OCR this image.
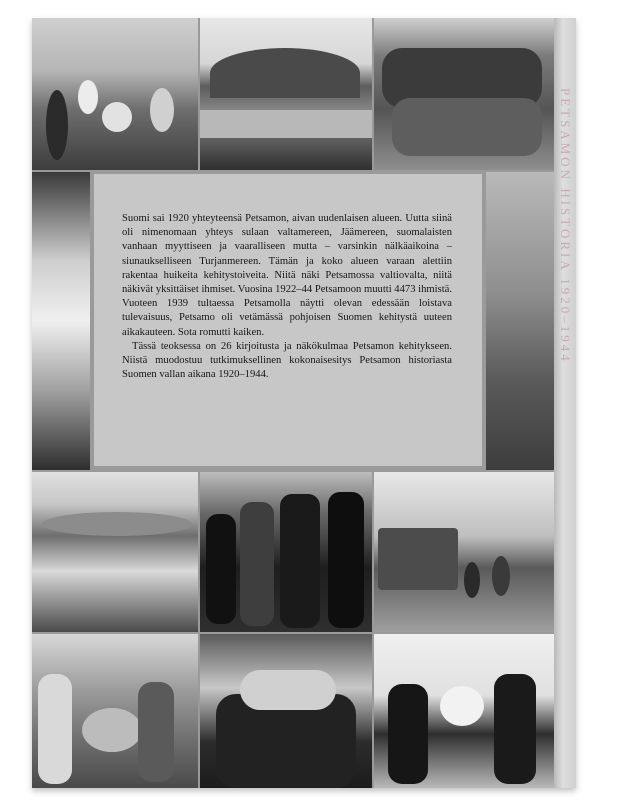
Suomi sai 1920 yhteyteensä Petsamon, aivan uudenlaisen alueen. Uutta siinä oli nimenomaan yhteys sulaan valtamereen, Jäämereen, suomalaisten vanhaan myyttiseen ja vaaralliseen mutta – varsinkin nälkäaikoina – siunaukselliseen Turjanmereen. Tämän ja koko alueen varaan alettiin rakentaa huikeita kehitystoiveita. Niitä näki Petsamossa valtiovalta, niitä näkivät yksittäiset ihmiset. Vuosina 1922–44 Petsamoon muutti 4473 ihmistä. Vuoteen 1939 tultaessa Petsamolla näytti olevan edessään loistava tulevaisuus, Petsamo oli vetämässä pohjoisen Suomen kehitystä uuteen aikakauteen. Sota romutti kaiken.

Tässä teoksessa on 26 kirjoitusta ja näkökulmaa Petsamon kehitykseen. Niistä muodostuu tutkimuksellinen kokonaisesitys Petsamon historiasta Suomen vallan aikana 1920–1944.

PETSAMON HISTORIA 1920–1944
